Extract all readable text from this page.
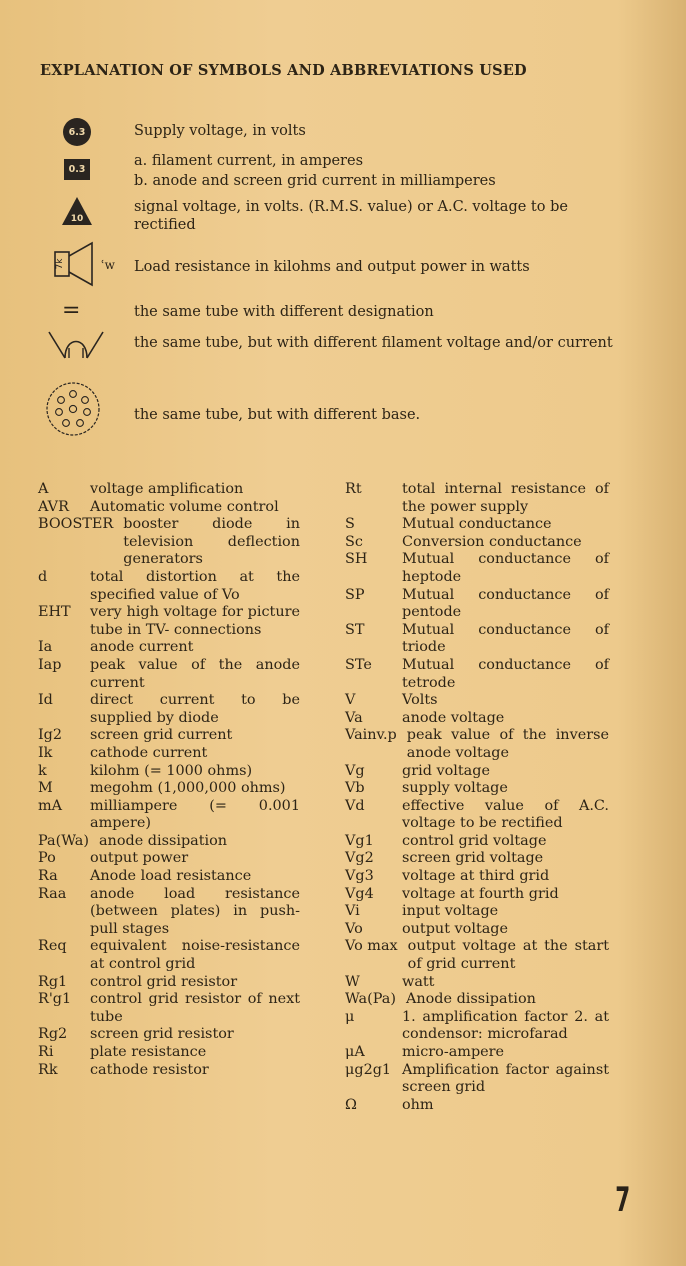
EXPLANATION OF SYMBOLS AND ABBREVIATIONS USED
6.3	Supply voltage, in volts
0.3
a. filament current, in amperes
b. anode and screen grid current in milliamperes
10
signal voltage, in volts. (R.M.S. value) or A.C. voltage to be rectified
7k	ʿw Load resistance in kilohms and output power in watts
=	the same tube with different designation
the same tube, but with different filament voltage and/or current
the same tube, but with different base.
A	voltage amplification
AVR	Automatic volume control
BOOSTER booster diode in television deflection generators
d	total distortion at the specified value of Vo
EHT	very high voltage for picture tube in TV- connections
Ia	anode current
Iap	peak value of the anode current
Id	direct current to be supplied by diode
Ig2	screen grid current
Ik	cathode current
k	kilohm (= 1000 ohms)
M	megohm (1,000,000 ohms)
mA	milliampere (= 0.001 ampere)
Pa(Wa) anode dissipation
Po	output power
Ra	Anode load resistance
Raa	anode load resistance (between plates) in push-pull stages
Req	equivalent noise-resistance at control grid
Rg1	control grid resistor
R'g1	control grid resistor of next tube
Rg2	screen grid resistor
Ri	plate resistance
Rk	cathode resistor
Rt	total internal resistance of the power supply
S	Mutual conductance
Sc	Conversion conductance
SH	Mutual conductance of heptode
SP	Mutual conductance of pentode
ST	Mutual conductance of triode
STe	Mutual conductance of tetrode
V	Volts
Va	anode voltage
Vainv.p peak value of the inverse anode voltage
Vg	grid voltage
Vb	supply voltage
Vd	effective value of A.C. voltage to be rectified
Vg1	control grid voltage
Vg2	screen grid voltage
Vg3	voltage at third grid
Vg4	voltage at fourth grid
Vi	input voltage
Vo	output voltage
Vo max output voltage at the start of grid current
W	watt
Wa(Pa) Anode dissipation
μ	1. amplification factor 2. at condensor: microfarad
μA	micro-ampere
μg2g1 Amplification factor against screen grid
Ω	ohm
7
